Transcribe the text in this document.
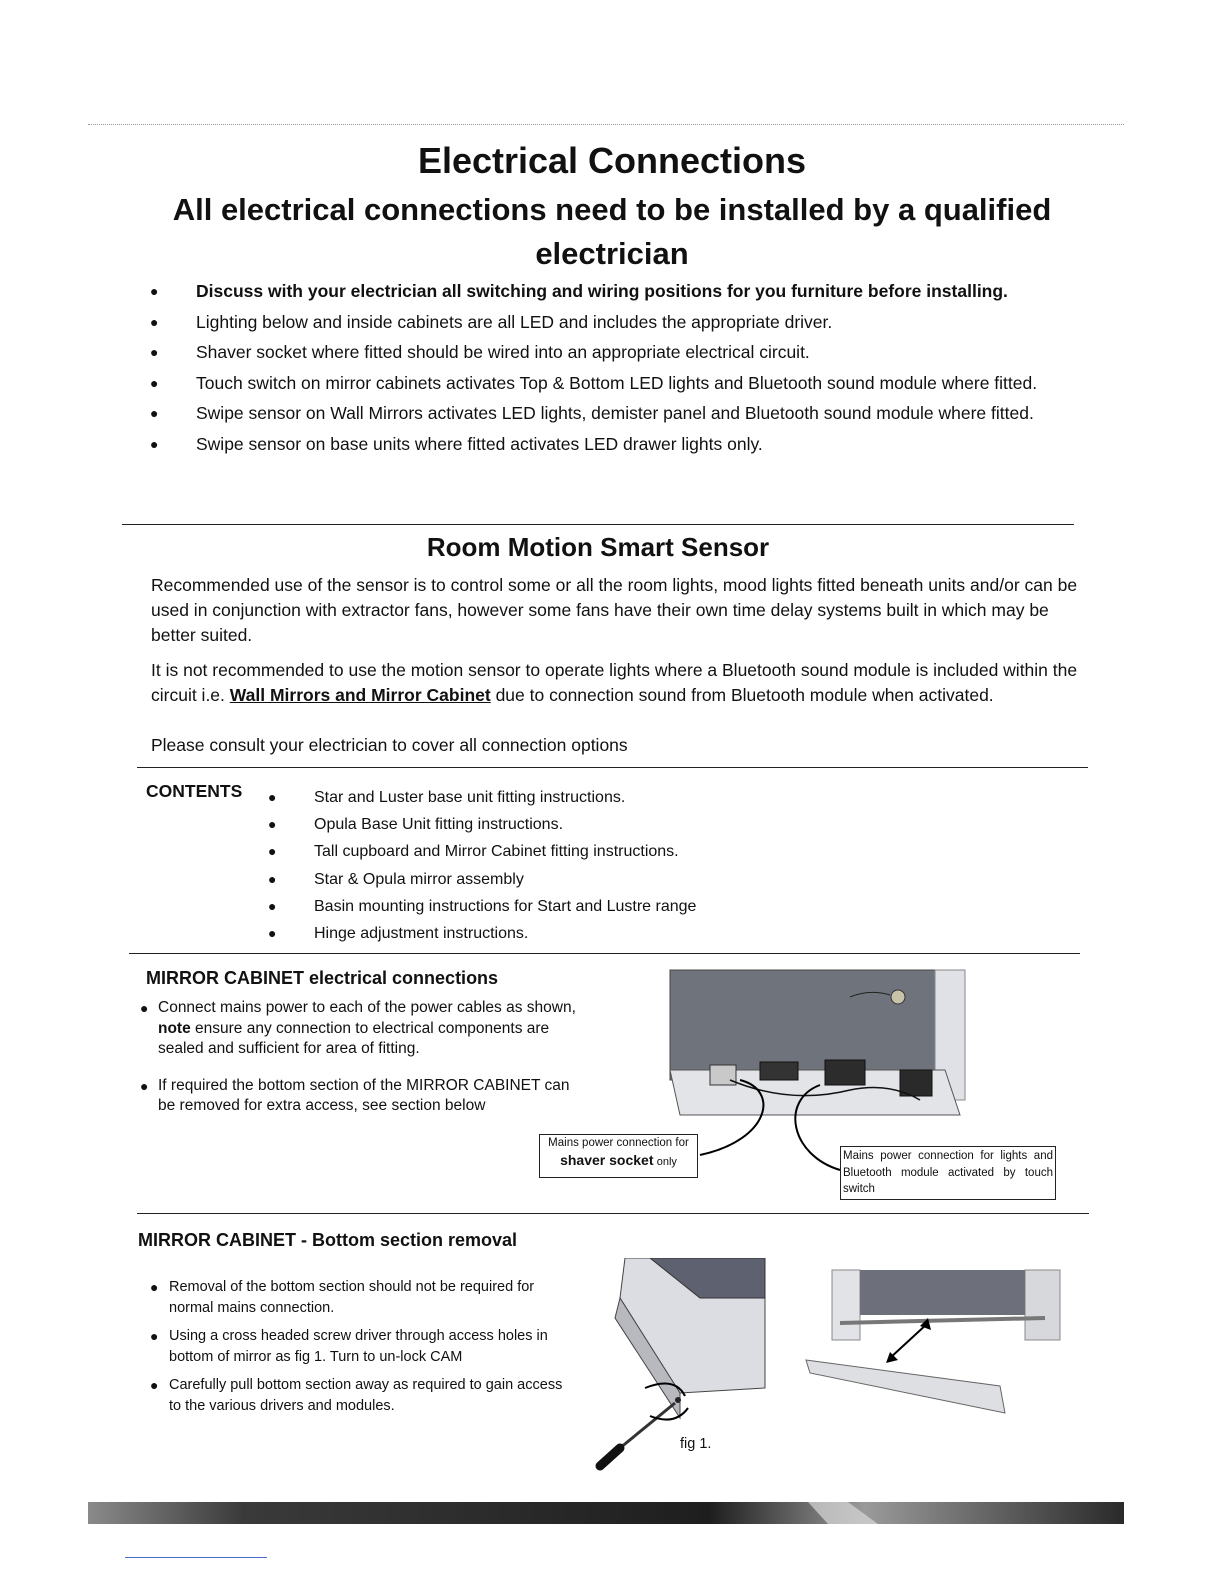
Electrical Connections
All electrical connections need to be installed by a qualified electrician
● Discuss with your electrician all switching and wiring positions for you furniture before installing.
● Lighting below and inside cabinets are all LED and includes the appropriate driver.
● Shaver socket where fitted should be wired into an appropriate electrical circuit.
● Touch switch on mirror cabinets activates Top & Bottom LED lights and Bluetooth sound module where fitted.
● Swipe sensor on Wall Mirrors activates LED lights, demister panel and Bluetooth sound module where fitted.
● Swipe sensor on base units where fitted activates LED drawer lights only.
Room Motion Smart Sensor
Recommended use of the sensor is to control some or all the room lights, mood lights fitted beneath units and/or can be used in conjunction with extractor fans, however some fans have their own time delay systems built in which may be better suited.
It is not recommended to use the motion sensor to operate lights where a Bluetooth sound module is included within the circuit i.e. Wall Mirrors and Mirror Cabinet due to connection sound from Bluetooth module when activated.
Please consult your electrician to cover all connection options
CONTENTS ● Star and Luster base unit fitting instructions.
● Opula Base Unit fitting instructions.
● Tall cupboard and Mirror Cabinet fitting instructions.
● Star & Opula mirror assembly
● Basin mounting instructions for Start and Lustre range
● Hinge adjustment instructions.
MIRROR CABINET electrical connections
● Connect mains power to each of the power cables as shown, note ensure any connection to electrical components are sealed and sufficient for area of fitting.
● If required the bottom section of the MIRROR CABINET can be removed for extra access, see section below
Mains power connection for
shaver socket only	Mains power connection for lights and Bluetooth module activated by touch switch
MIRROR CABINET - Bottom section removal
● Removal of the bottom section should not be required for normal mains connection.
● Using a cross headed screw driver through access holes in bottom of mirror as fig 1. Turn to un-lock CAM
● Carefully pull bottom section away as required to gain access to the various drivers and modules.
fig 1.
